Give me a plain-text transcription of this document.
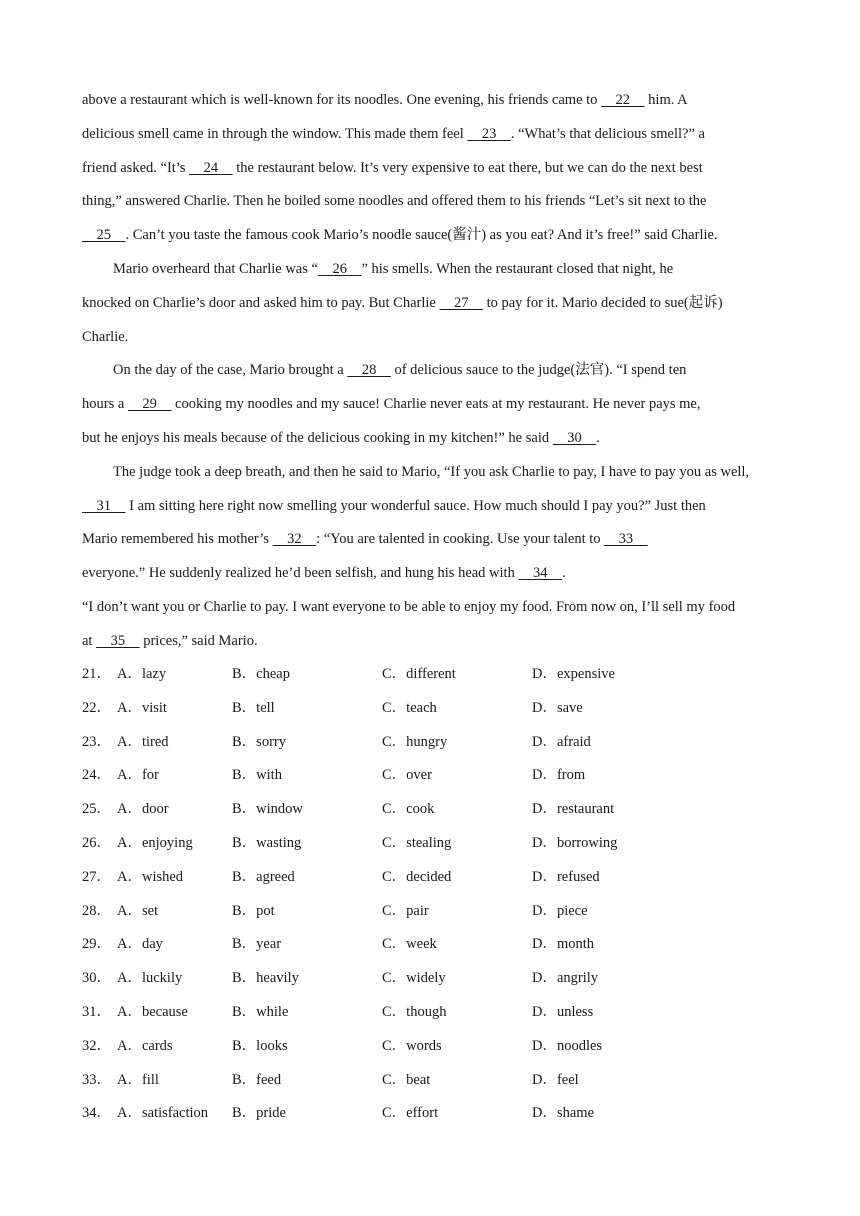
above a restaurant which is well-known for its noodles. One evening, his friends came to     22     him. A
delicious smell came in through the window. This made them feel     23    . “What’s that delicious smell?” a
friend asked. “It’s     24     the restaurant below. It’s very expensive to eat there, but we can do the next best
thing,” answered Charlie. Then he boiled some noodles and offered them to his friends “Let’s sit next to the
25    . Can’t you taste the famous cook Mario’s noodle sauce(酱汁) as you eat? And it’s free!” said Charlie.
Mario overheard that Charlie was “    26    ” his smells. When the restaurant closed that night, he
knocked on Charlie’s door and asked him to pay. But Charlie     27     to pay for it. Mario decided to sue(起诉)
Charlie.
On the day of the case, Mario brought a     28     of delicious sauce to the judge(法官). “I spend ten
hours a     29     cooking my noodles and my sauce! Charlie never eats at my restaurant. He never pays me,
but he enjoys his meals because of the delicious cooking in my kitchen!” he said     30    .
The judge took a deep breath, and then he said to Mario, “If you ask Charlie to pay, I have to pay you as well,
31     I am sitting here right now smelling your wonderful sauce. How much should I pay you?” Just then
Mario remembered his mother’s     32    : “You are talented in cooking. Use your talent to     33
everyone.” He suddenly realized he’d been selfish, and hung his head with     34    .
“I don’t want you or Charlie to pay. I want everyone to be able to enjoy my food. From now on, I’ll sell my food
at     35     prices,” said Mario.
21． A．lazy	B．cheap	C．different	D．expensive
22． A．visit	B．tell	C．teach	D．save
23． A．tired	B．sorry	C．hungry	D．afraid
24． A．for	B．with	C．over	D．from
25． A．door	B．window	C．cook	D．restaurant
26． A．enjoying	B．wasting	C．stealing	D．borrowing
27． A．wished	B．agreed	C．decided	D．refused
28． A．set	B．pot	C．pair	D．piece
29． A．day	B．year	C．week	D．month
30． A．luckily	B．heavily	C．widely	D．angrily
31． A．because	B．while	C．though	D．unless
32． A．cards	B．looks	C．words	D．noodles
33． A．fill	B．feed	C．beat	D．feel
34． A．satisfaction B．pride	C．effort	D．shame
